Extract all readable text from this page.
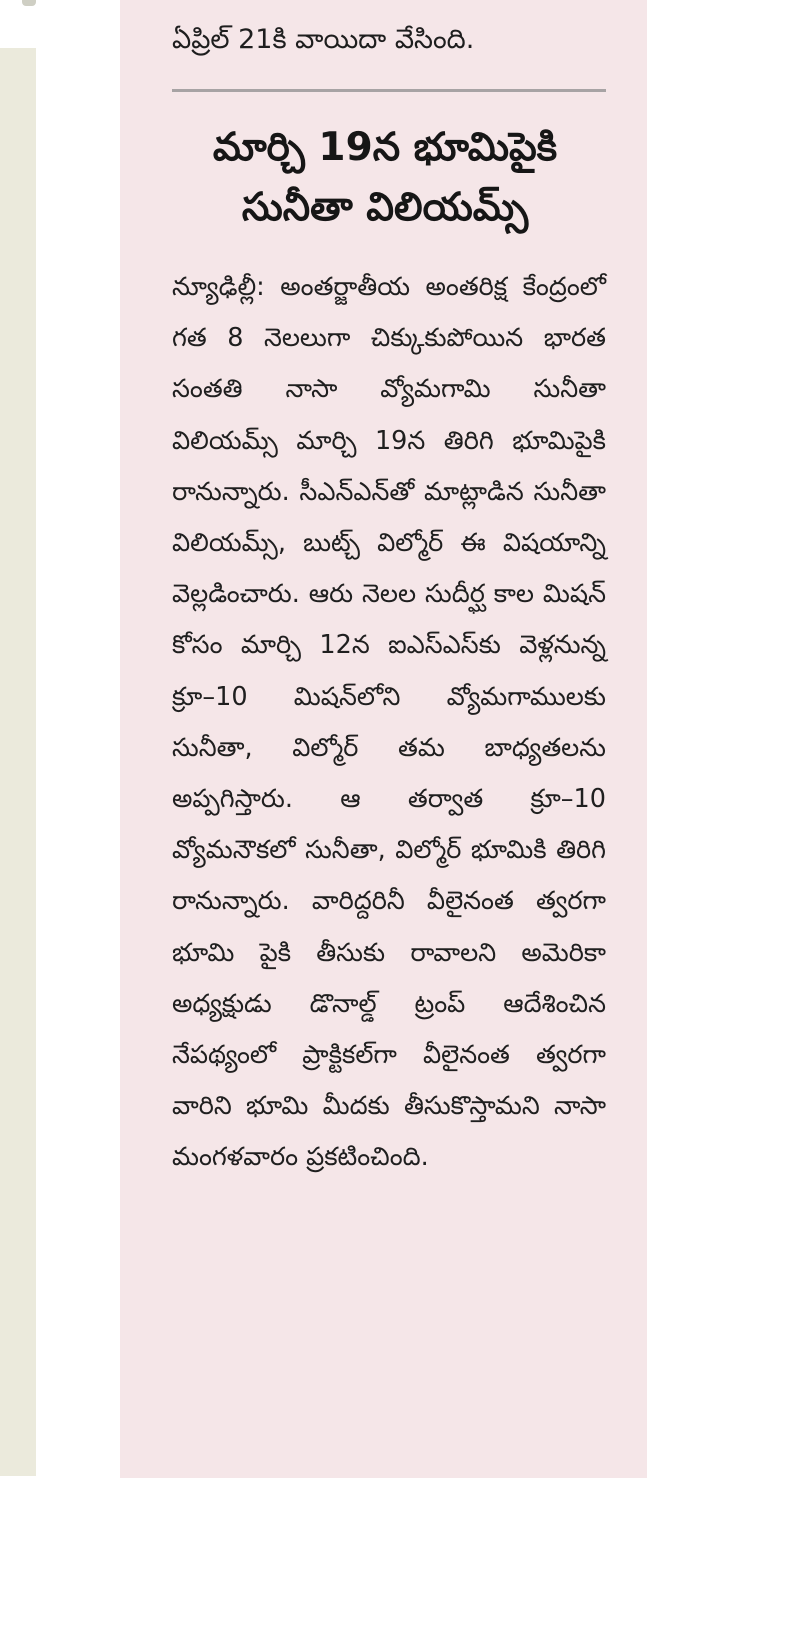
ఏప్రిల్ 21కి వాయిదా వేసింది.
మార్చి 19న భూమిపైకి
సునీతా విలియమ్స్

న్యూఢిల్లీ: అంతర్జాతీయ అంతరిక్ష కేంద్రంలో గత 8 నెలలుగా చిక్కుకుపోయిన భారత సంతతి నాసా వ్యోమగామి సునీతా విలియమ్స్ మార్చి 19న తిరిగి భూమిపైకి రానున్నారు. సీఎన్ఎన్‌తో మాట్లాడిన సునీతా విలియమ్స్, బుట్చ్ విల్మోర్ ఈ విషయాన్ని వెల్లడించారు. ఆరు నెలల సుదీర్ఘ కాల మిషన్ కోసం మార్చి 12న ఐఎస్ఎస్‌కు వెళ్లనున్న క్రూ–10 మిషన్‌లోని వ్యోమగాములకు సునీతా, విల్మోర్ తమ బాధ్యతలను అప్పగిస్తారు. ఆ తర్వాత క్రూ–10 వ్యోమనౌకలో సునీతా, విల్మోర్ భూమికి తిరిగి రానున్నారు. వారిద్దరినీ వీలైనంత త్వరగా భూమి పైకి తీసుకు రావాలని అమెరికా అధ్యక్షుడు డొనాల్డ్ ట్రంప్ ఆదేశించిన నేపథ్యంలో ప్రాక్టికల్‌గా వీలైనంత త్వరగా వారిని భూమి మీదకు తీసుకొస్తామని నాసా మంగళవారం ప్రకటించింది.
